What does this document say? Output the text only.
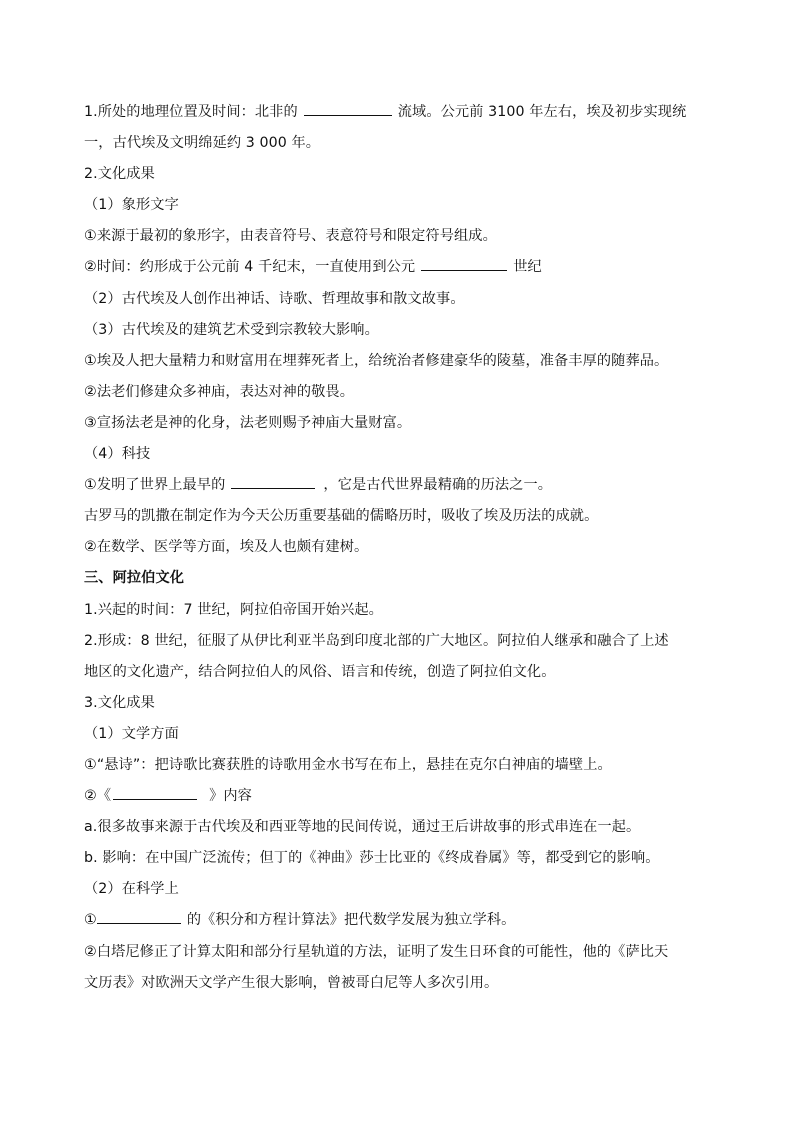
1.所处的地理位置及时间：北非的	流域。公元前 3100 年左右，埃及初步实现统
一，古代埃及文明绵延约 3 000 年。
2.文化成果
（1）象形文字
①来源于最初的象形字，由表音符号、表意符号和限定符号组成。
②时间：约形成于公元前 4 千纪末，一直使用到公元	世纪
（2）古代埃及人创作出神话、诗歌、哲理故事和散文故事。
（3）古代埃及的建筑艺术受到宗教较大影响。
①埃及人把大量精力和财富用在埋葬死者上，给统治者修建豪华的陵墓，准备丰厚的随葬品。
②法老们修建众多神庙，表达对神的敬畏。
③宣扬法老是神的化身，法老则赐予神庙大量财富。
（4）科技
①发明了世界上最早的	，它是古代世界最精确的历法之一。
古罗马的凯撒在制定作为今天公历重要基础的儒略历时，吸收了埃及历法的成就。
②在数学、医学等方面，埃及人也颇有建树。
三、阿拉伯文化
1.兴起的时间：7 世纪，阿拉伯帝国开始兴起。
2.形成：8 世纪，征服了从伊比利亚半岛到印度北部的广大地区。阿拉伯人继承和融合了上述
地区的文化遗产，结合阿拉伯人的风俗、语言和传统，创造了阿拉伯文化。
3.文化成果
（1）文学方面
①“悬诗”：把诗歌比赛获胜的诗歌用金水书写在布上，悬挂在克尔白神庙的墙壁上。
②《	》内容
a.很多故事来源于古代埃及和西亚等地的民间传说，通过王后讲故事的形式串连在一起。
b. 影响：在中国广泛流传；但丁的《神曲》莎士比亚的《终成眷属》等，都受到它的影响。
（2）在科学上
①	的《积分和方程计算法》把代数学发展为独立学科。
②白塔尼修正了计算太阳和部分行星轨道的方法，证明了发生日环食的可能性，他的《萨比天
文历表》对欧洲天文学产生很大影响，曾被哥白尼等人多次引用。
